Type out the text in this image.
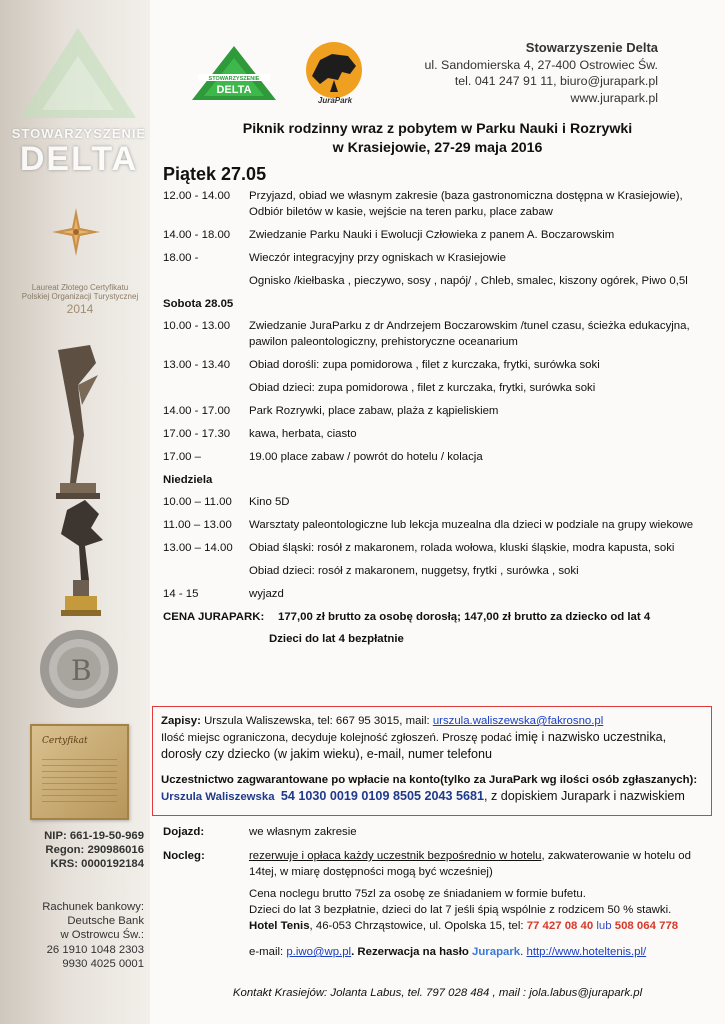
STOWARZYSZENIE
DELTA
Laureat Złotego Certyfikatu
Polskiej Organizacji Turystycznej
2014
B
Certyfikat
NIP: 661-19-50-969
Regon: 290986016
KRS: 0000192184
Rachunek bankowy:
Deutsche Bank
w Ostrowcu Św.:
26 1910 1048 2303
9930 4025 0001
STOWARZYSZENIE
DELTA
JuraPark
Stowarzyszenie Delta
ul. Sandomierska 4, 27-400 Ostrowiec Św.
tel. 041 247 91 11, biuro@jurapark.pl
www.jurapark.pl
Piknik rodzinny wraz z pobytem w Parku Nauki i Rozrywki
w Krasiejowie, 27-29 maja 2016
Piątek 27.05
12.00 - 14.00	Przyjazd, obiad we własnym zakresie (baza gastronomiczna dostępna w Krasiejowie), Odbiór biletów w kasie, wejście na teren parku, place zabaw
14.00 - 18.00	Zwiedzanie Parku Nauki i Ewolucji Człowieka z panem A. Boczarowskim
18.00 -	Wieczór integracyjny przy ogniskach w Krasiejowie
Ognisko /kiełbaska , pieczywo, sosy , napój/ , Chleb, smalec, kiszony ogórek, Piwo 0,5l
Sobota 28.05
10.00 - 13.00	Zwiedzanie JuraParku z dr Andrzejem Boczarowskim /tunel czasu, ścieżka edukacyjna, pawilon paleontologiczny, prehistoryczne oceanarium
13.00 - 13.40	Obiad dorośli: zupa pomidorowa , filet z kurczaka, frytki, surówka soki
Obiad dzieci: zupa pomidorowa , filet z kurczaka, frytki, surówka soki
14.00 - 17.00	Park Rozrywki, place zabaw, plaża z kąpieliskiem
17.00 - 17.30	kawa, herbata, ciasto
17.00 –	19.00 place zabaw / powrót do hotelu / kolacja
Niedziela
10.00 – 11.00	Kino 5D
11.00 – 13.00	Warsztaty paleontologiczne lub lekcja muzealna dla dzieci w podziale na grupy wiekowe
13.00 – 14.00	Obiad śląski: rosół z makaronem, rolada wołowa, kluski śląskie, modra kapusta, soki
Obiad dzieci: rosół z makaronem, nuggetsy, frytki , surówka , soki
14 - 15	wyjazd
CENA JURAPARK: 177,00 zł brutto za osobę dorosłą; 147,00 zł brutto za dziecko od lat 4
Dzieci do lat 4 bezpłatnie
Zapisy: Urszula Waliszewska, tel: 667 95 3015, mail: urszula.waliszewska@fakrosno.pl
Ilość miejsc ograniczona, decyduje kolejność zgłoszeń. Proszę podać imię i nazwisko uczestnika,
dorosły czy dziecko (w jakim wieku), e-mail, numer telefonu
Uczestnictwo zagwarantowane po wpłacie na konto(tylko za JuraPark wg ilości osób zgłaszanych):
Urszula Waliszewska 54 1030 0019 0109 8505 2043 5681, z dopiskiem Jurapark i nazwiskiem
Dojazd:	we własnym zakresie
Nocleg:	rezerwuje i opłaca każdy uczestnik bezpośrednio w hotelu, zakwaterowanie w hotelu od 14tej, w miarę dostępności mogą być wcześniej)
Cena noclegu brutto 75zl za osobę ze śniadaniem w formie bufetu.
Dzieci do lat 3 bezpłatnie, dzieci do lat 7 jeśli śpią wspólnie z rodzicem 50 % stawki.
Hotel Tenis, 46-053 Chrząstowice, ul. Opolska 15, tel: 77 427 08 40 lub 508 064 778
e-mail: p.iwo@wp.pl. Rezerwacja na hasło Jurapark. http://www.hoteltenis.pl/
Kontakt Krasiejów: Jolanta Labus, tel. 797 028 484 , mail : jola.labus@jurapark.pl
